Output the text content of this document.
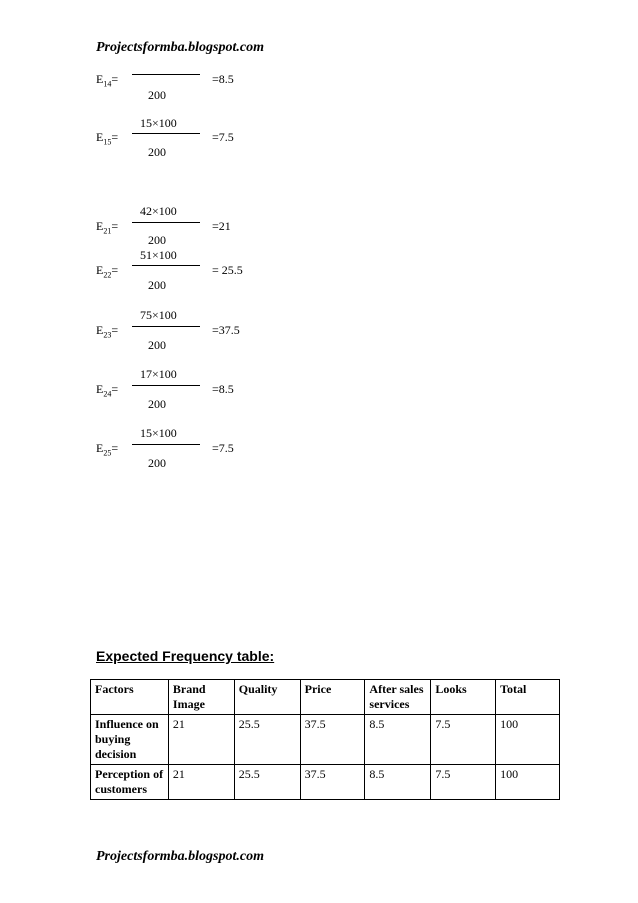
Projectsformba.blogspot.com
$E_{14}=$	=8.5
200
15×100
$E_{15}=$	=7.5
200
42×100
$E_{21}=$	=21
200
51×100
$E_{22}=$	= 25.5
200
75×100
$E_{23}=$	=37.5
200
17×100
$E_{24}=$	=8.5
200
15×100
$E_{25}=$	=7.5
200
Expected Frequency table:
Factors	Brand Image	Quality	Price	After sales services	Looks	Total
Influence on buying decision	21	25.5	37.5	8.5	7.5	100
Perception of customers	21	25.5	37.5	8.5	7.5	100
Projectsformba.blogspot.com
